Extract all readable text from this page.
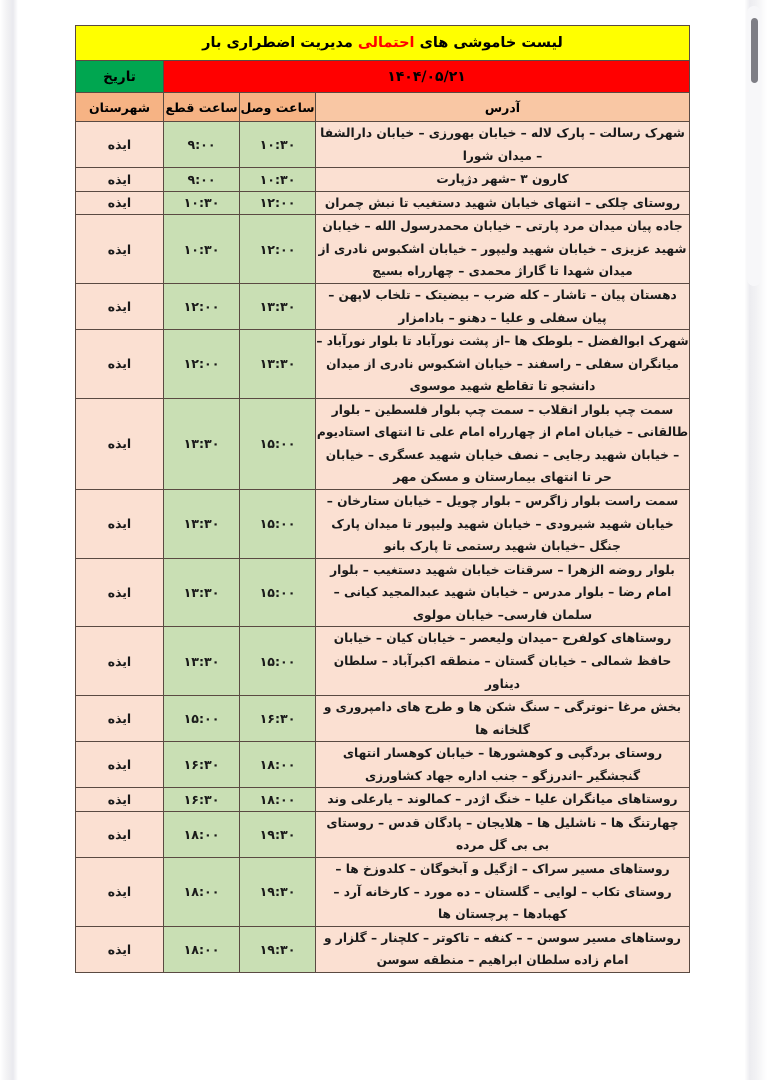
لیست خاموشی های احتمالی مدیریت اضطراری بار			
۱۴۰۴/۰۵/۲۱			تاریخ
آدرس	ساعت وصل	ساعت قطع	شهرستان
شهرک رسالت – پارک لاله – خیابان بهورزی – خیابان دارالشفا – میدان شورا	۱۰:۳۰	۹:۰۰	ایذه
کارون ۳ –شهر دژپارت	۱۰:۳۰	۹:۰۰	ایذه
روستای چلکی – انتهای خیابان شهید دستغیب تا نبش چمران	۱۲:۰۰	۱۰:۳۰	ایذه
جاده پیان میدان مرد پارتی – خیابان محمدرسول الله – خیابان شهید عزیزی – خیابان شهید ولیپور – خیابان اشکبوس نادری از میدان شهدا تا گاراژ محمدی – چهارراه بسیج	۱۲:۰۰	۱۰:۳۰	ایذه
دهستان پیان – تاشار – کله ضرب – بیضیتک – تلخاب لاپهن – پیان سفلی و علیا – دهنو – بادامزار	۱۳:۳۰	۱۲:۰۰	ایذه
شهرک ابوالفضل – بلوطک ها –از پشت نورآباد تا بلوار نورآباد – میانگران سفلی – راسفند – خیابان اشکبوس نادری از میدان دانشجو تا تقاطع شهید موسوی	۱۳:۳۰	۱۲:۰۰	ایذه
سمت چپ بلوار انقلاب – سمت چپ بلوار فلسطین – بلوار طالقانی – خیابان امام از چهارراه امام علی تا انتهای استادیوم – خیابان شهید رجایی – نصف خیابان شهید عسگری – خیابان حر تا انتهای بیمارستان و مسکن مهر	۱۵:۰۰	۱۳:۳۰	ایذه
سمت راست بلوار زاگرس – بلوار چویل – خیابان ستارخان – خیابان شهید شیرودی – خیابان شهید ولیپور تا میدان پارک جنگل –خیابان شهید رستمی تا پارک بانو	۱۵:۰۰	۱۳:۳۰	ایذه
بلوار روضه الزهرا – سرقنات خیابان شهید دستغیب – بلوار امام رضا – بلوار مدرس – خیابان شهید عبدالمجید کیانی – سلمان فارسی– خیابان مولوی	۱۵:۰۰	۱۳:۳۰	ایذه
روستاهای کولفرح –میدان ولیعصر – خیابان کیان – خیابان حافظ شمالی – خیابان گستان – منطقه اکبرآباد – سلطان دیناور	۱۵:۰۰	۱۳:۳۰	ایذه
بخش مرغا –نوترگی – سنگ شکن ها و طرح های دامپروری و گلخانه ها	۱۶:۳۰	۱۵:۰۰	ایذه
روستای بردگپی و کوهشورها – خیابان کوهسار انتهای گنجشگیر –اندرزگو – جنب اداره جهاد کشاورزی	۱۸:۰۰	۱۶:۳۰	ایذه
روستاهای میانگران علیا – خنگ اژدر – کمالوند – یارعلی وند	۱۸:۰۰	۱۶:۳۰	ایذه
چهارتنگ ها – ناشلیل ها – هلایجان – پادگان قدس – روستای بی بی گل مرده	۱۹:۳۰	۱۸:۰۰	ایذه
روستاهای مسیر سراک – اژگیل و آبخوگان – کلدوزخ ها – روستای تکاب – لوایی – گلستان – ده مورد – کارخانه آرد – کهبادها – پرچستان ها	۱۹:۳۰	۱۸:۰۰	ایذه
روستاهای مسیر سوسن – – کنفه – تاکوتر – کلچنار – گلزار و امام زاده سلطان ابراهیم – منطقه سوسن	۱۹:۳۰	۱۸:۰۰	ایذه
